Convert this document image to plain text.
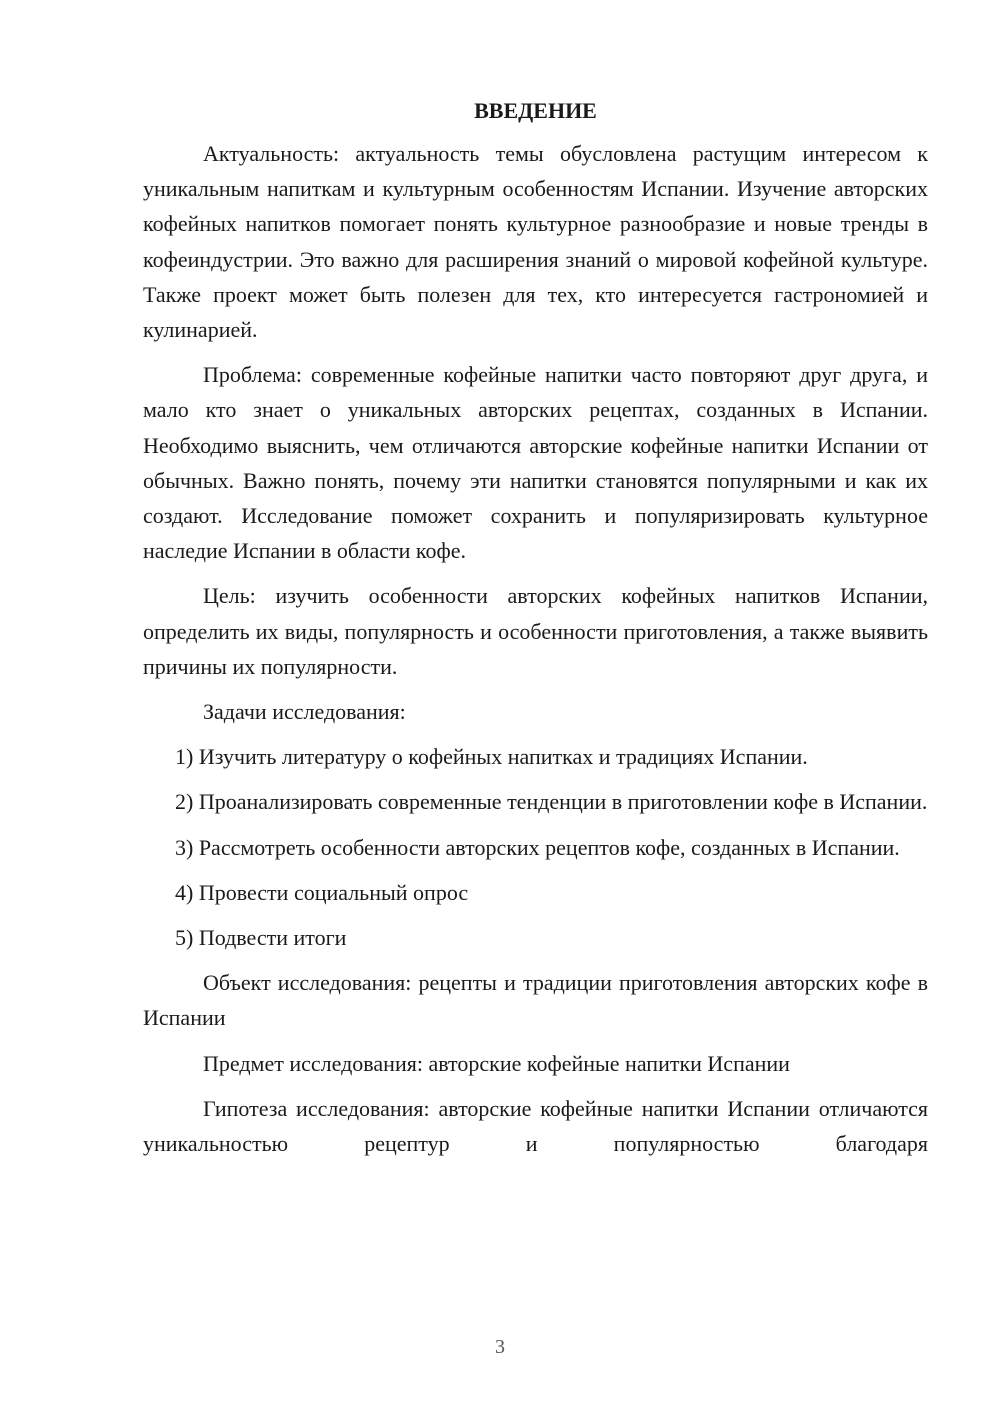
ВВЕДЕНИЕ

Актуальность: актуальность темы обусловлена растущим интересом к уникальным напиткам и культурным особенностям Испании. Изучение авторских кофейных напитков помогает понять культурное разнообразие и новые тренды в кофеиндустрии. Это важно для расширения знаний о мировой кофейной культуре. Также проект может быть полезен для тех, кто интересуется гастрономией и кулинарией.

Проблема: современные кофейные напитки часто повторяют друг друга, и мало кто знает о уникальных авторских рецептах, созданных в Испании. Необходимо выяснить, чем отличаются авторские кофейные напитки Испании от обычных. Важно понять, почему эти напитки становятся популярными и как их создают. Исследование поможет сохранить и популяризировать культурное наследие Испании в области кофе.

Цель: изучить особенности авторских кофейных напитков Испании, определить их виды, популярность и особенности приготовления, а также выявить причины их популярности.

Задачи исследования:

1) Изучить литературу о кофейных напитках и традициях Испании.

2) Проанализировать современные тенденции в приготовлении кофе в Испании.

3) Рассмотреть особенности авторских рецептов кофе, созданных в Испании.

4) Провести социальный опрос

5) Подвести итоги

Объект исследования: рецепты и традиции приготовления авторских кофе в Испании

Предмет исследования: авторские кофейные напитки Испании

Гипотеза исследования: авторские кофейные напитки Испании отличаются уникальностью рецептур и популярностью благодаря

3
